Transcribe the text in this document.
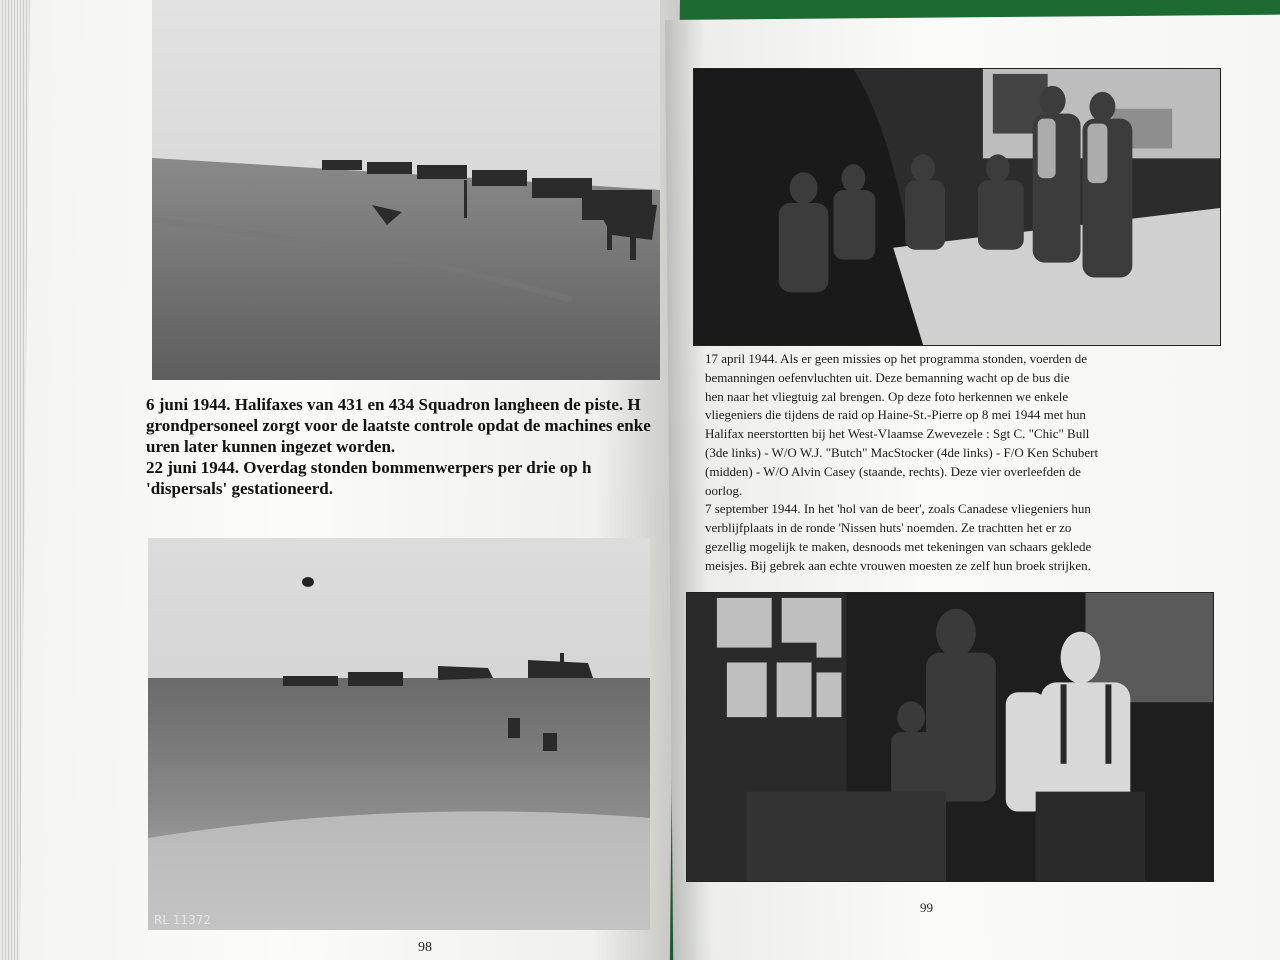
6 juni 1944. Halifaxes van 431 en 434 Squadron langheen de piste. H

grondpersoneel zorgt voor de laatste controle opdat de machines enke

uren later kunnen ingezet worden.

22 juni 1944. Overdag stonden bommenwerpers per drie op h

'dispersals' gestationeerd.

RL 11372
98

17 april 1944. Als er geen missies op het programma stonden, voerden de

bemanningen oefenvluchten uit. Deze bemanning wacht op de bus die

hen naar het vliegtuig zal brengen. Op deze foto herkennen we enkele

vliegeniers die tijdens de raid op Haine-St.-Pierre op 8 mei 1944 met hun

Halifax neerstortten bij het West-Vlaamse Zwevezele : Sgt C. "Chic" Bull

(3de links) - W/O W.J. "Butch" MacStocker (4de links) - F/O Ken Schubert

(midden) - W/O Alvin Casey (staande, rechts). Deze vier overleefden de

oorlog.

7 september 1944. In het 'hol van de beer', zoals Canadese vliegeniers hun

verblijfplaats in de ronde 'Nissen huts' noemden. Ze trachtten het er zo

gezellig mogelijk te maken, desnoods met tekeningen van schaars geklede

meisjes. Bij gebrek aan echte vrouwen moesten ze zelf hun broek strijken.

99
